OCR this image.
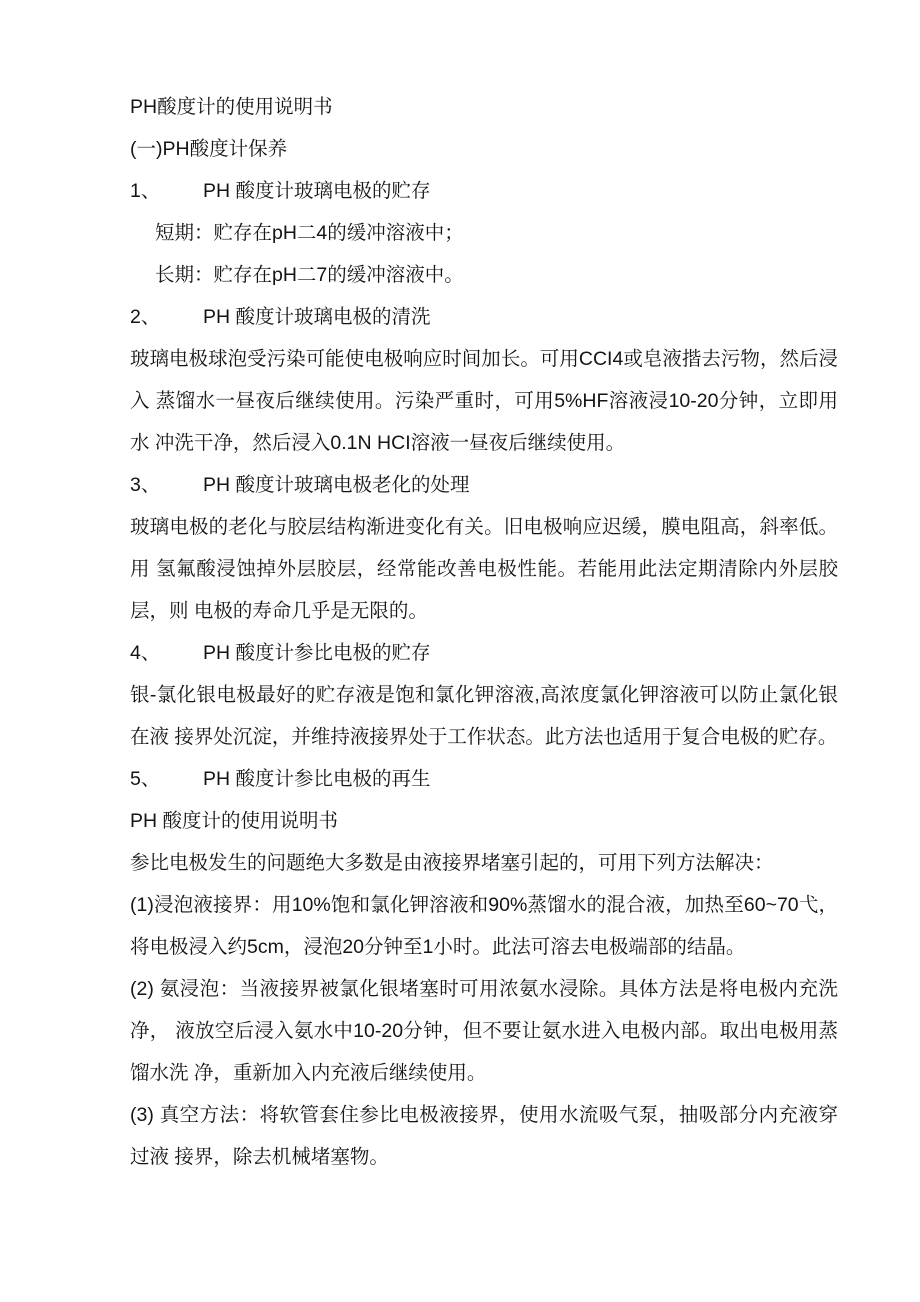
PH酸度计的使用说明书

(一)PH酸度计保养

1、 PH 酸度计玻璃电极的贮存

短期：贮存在pH二4的缓冲溶液中；

长期：贮存在pH二7的缓冲溶液中。

2、 PH 酸度计玻璃电极的清洗

玻璃电极球泡受污染可能使电极响应时间加长。可用CCI4或皂液揩去污物，然后浸入 蒸馏水一昼夜后继续使用。污染严重时，可用5%HF溶液浸10-20分钟，立即用水 冲洗干净，然后浸入0.1N HCI溶液一昼夜后继续使用。

3、 PH 酸度计玻璃电极老化的处理

玻璃电极的老化与胶层结构渐进变化有关。旧电极响应迟缓，膜电阻高，斜率低。用 氢氟酸浸蚀掉外层胶层，经常能改善电极性能。若能用此法定期清除内外层胶层，则 电极的寿命几乎是无限的。

4、 PH 酸度计参比电极的贮存

银-氯化银电极最好的贮存液是饱和氯化钾溶液,高浓度氯化钾溶液可以防止氯化银在液 接界处沉淀，并维持液接界处于工作状态。此方法也适用于复合电极的贮存。

5、 PH 酸度计参比电极的再生

PH 酸度计的使用说明书

参比电极发生的问题绝大多数是由液接界堵塞引起的，可用下列方法解决：

(1)浸泡液接界：用10%饱和氯化钾溶液和90%蒸馏水的混合液，加热至60~70弋， 将电极浸入约5cm，浸泡20分钟至1小时。此法可溶去电极端部的结晶。

(2) 氨浸泡：当液接界被氯化银堵塞时可用浓氨水浸除。具体方法是将电极内充洗净， 液放空后浸入氨水中10-20分钟，但不要让氨水进入电极内部。取出电极用蒸馏水洗 净，重新加入内充液后继续使用。

(3) 真空方法：将软管套住参比电极液接界，使用水流吸气泵，抽吸部分内充液穿过液 接界，除去机械堵塞物。
